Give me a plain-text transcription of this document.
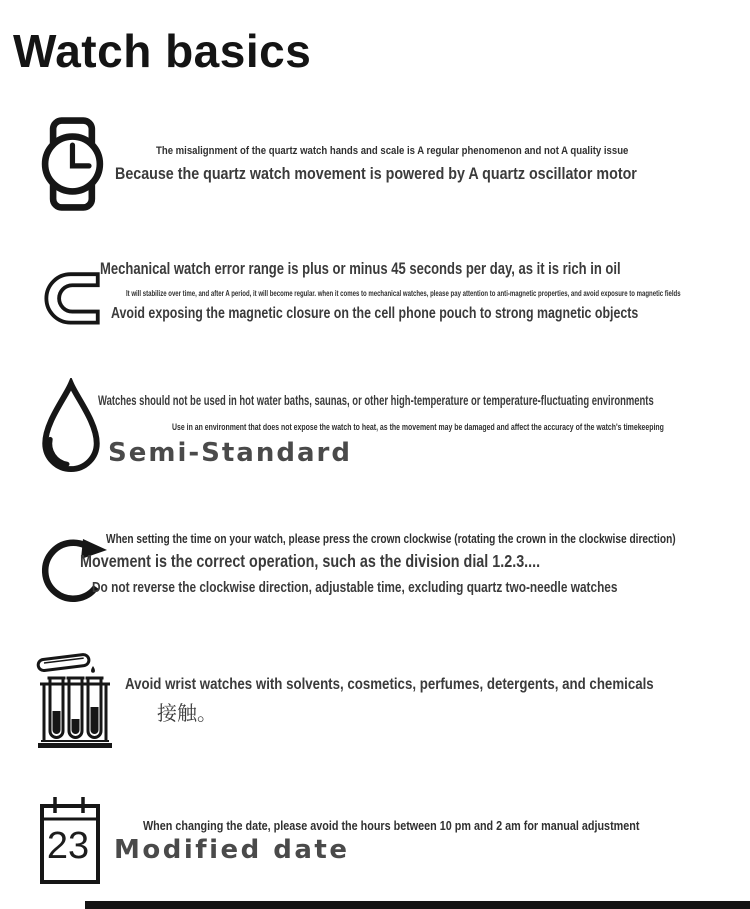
Watch basics
The misalignment of the quartz watch hands and scale is A regular phenomenon and not A quality issue
Because the quartz watch movement is powered by A quartz oscillator motor
Mechanical watch error range is plus or minus 45 seconds per day, as it is rich in oil
It will stabilize over time, and after A period, it will become regular. when it comes to mechanical watches, please pay attention to anti-magnetic properties, and avoid exposure to magnetic fields
Avoid exposing the magnetic closure on the cell phone pouch to strong magnetic objects
Watches should not be used in hot water baths, saunas, or other high-temperature or temperature-fluctuating environments
Use in an environment that does not expose the watch to heat, as the movement may be damaged and affect the accuracy of the watch's timekeeping
Semi-Standard
When setting the time on your watch, please press the crown clockwise (rotating the crown in the clockwise direction)
Movement is the correct operation, such as the division dial 1.2.3....
Do not reverse the clockwise direction, adjustable time, excluding quartz two-needle watches
Avoid wrist watches with solvents, cosmetics, perfumes, detergents, and chemicals
接触。
23	When changing the date, please avoid the hours between 10 pm and 2 am for manual adjustment
Modified date
